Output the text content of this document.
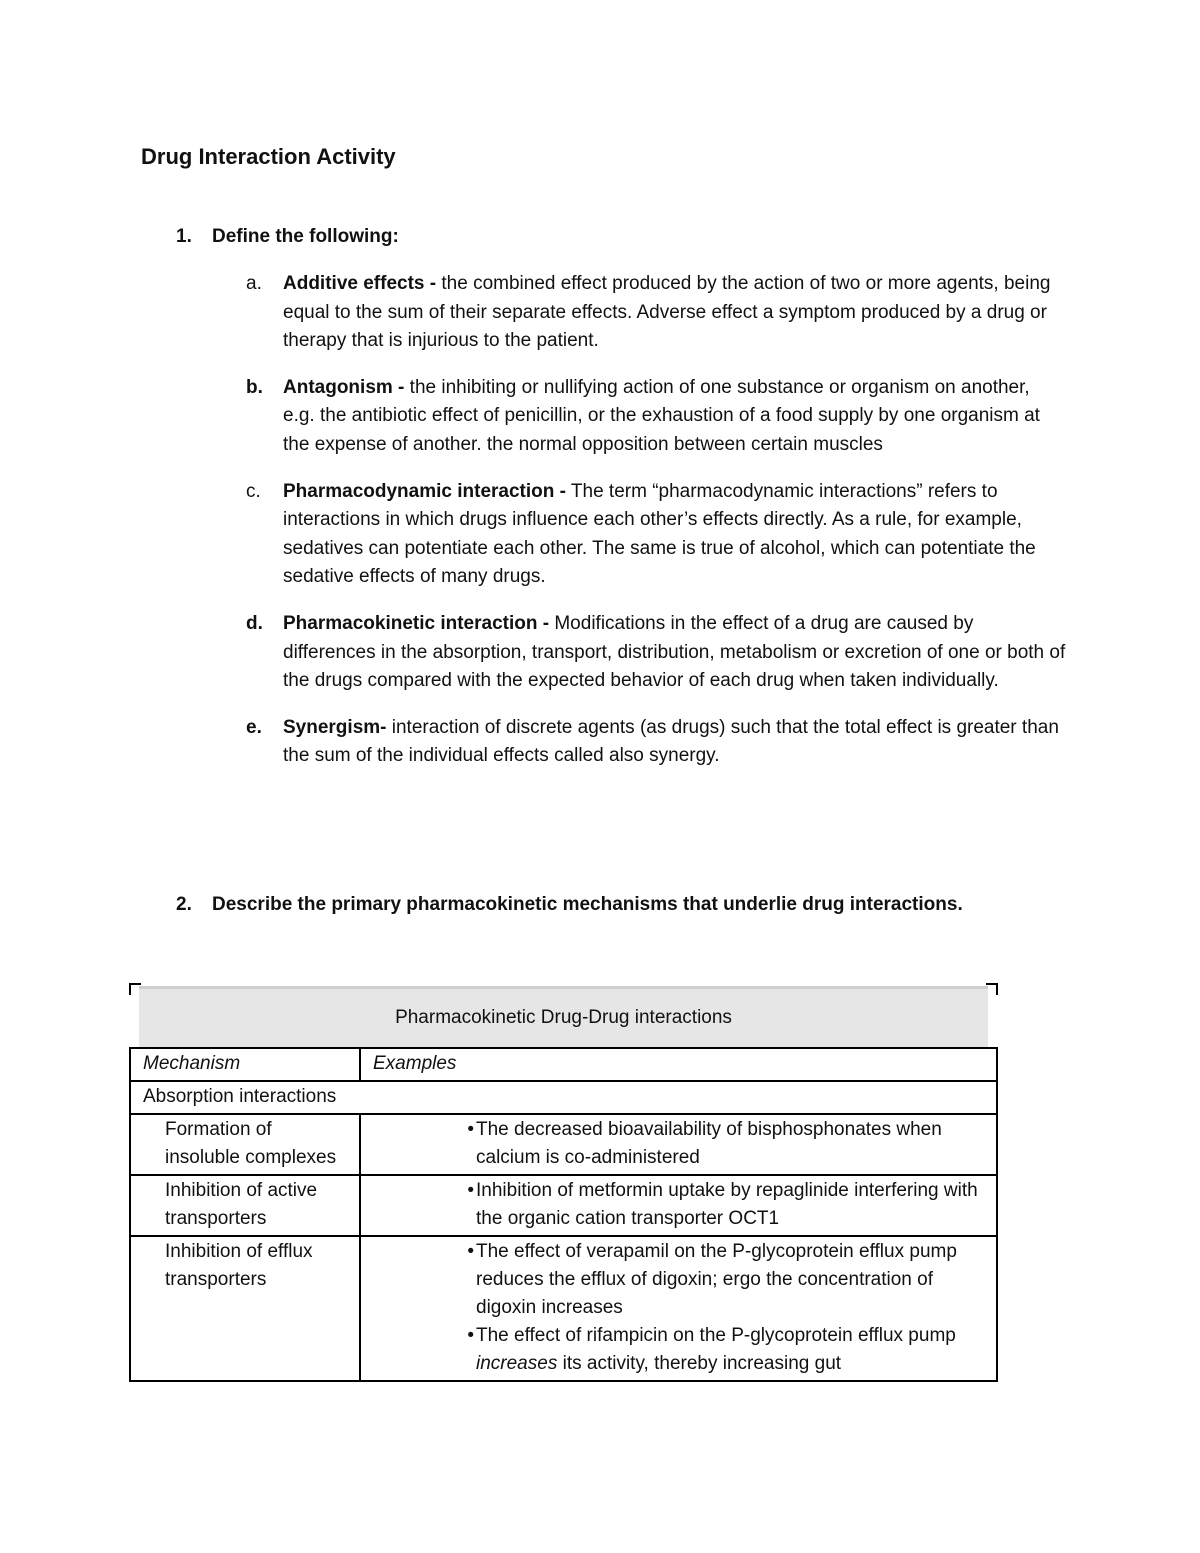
Drug Interaction Activity
1. Define the following:
a. Additive effects - the combined effect produced by the action of two or more agents, being equal to the sum of their separate effects. Adverse effect a symptom produced by a drug or therapy that is injurious to the patient.
b. Antagonism - the inhibiting or nullifying action of one substance or organism on another, e.g. the antibiotic effect of penicillin, or the exhaustion of a food supply by one organism at the expense of another. the normal opposition between certain muscles
c. Pharmacodynamic interaction - The term “pharmacodynamic interactions” refers to interactions in which drugs influence each other’s effects directly. As a rule, for example, sedatives can potentiate each other. The same is true of alcohol, which can potentiate the sedative effects of many drugs.
d. Pharmacokinetic interaction - Modifications in the effect of a drug are caused by differences in the absorption, transport, distribution, metabolism or excretion of one or both of the drugs compared with the expected behavior of each drug when taken individually.
e. Synergism- interaction of discrete agents (as drugs) such that the total effect is greater than the sum of the individual effects called also synergy.
2. Describe the primary pharmacokinetic mechanisms that underlie drug interactions.
Pharmacokinetic Drug-Drug interactions
Mechanism	Examples
Absorption interactions	
Formation of insoluble complexes	• The decreased bioavailability of bisphosphonates when calcium is co-administered

Inhibition of active transporters	• Inhibition of metformin uptake by repaglinide interfering with the organic cation transporter OCT1

Inhibition of efflux transporters	• The effect of verapamil on the P-glycoprotein efflux pump reduces the efflux of digoxin; ergo the concentration of digoxin increases
• The effect of rifampicin on the P-glycoprotein efflux pump increases its activity, thereby increasing gut
